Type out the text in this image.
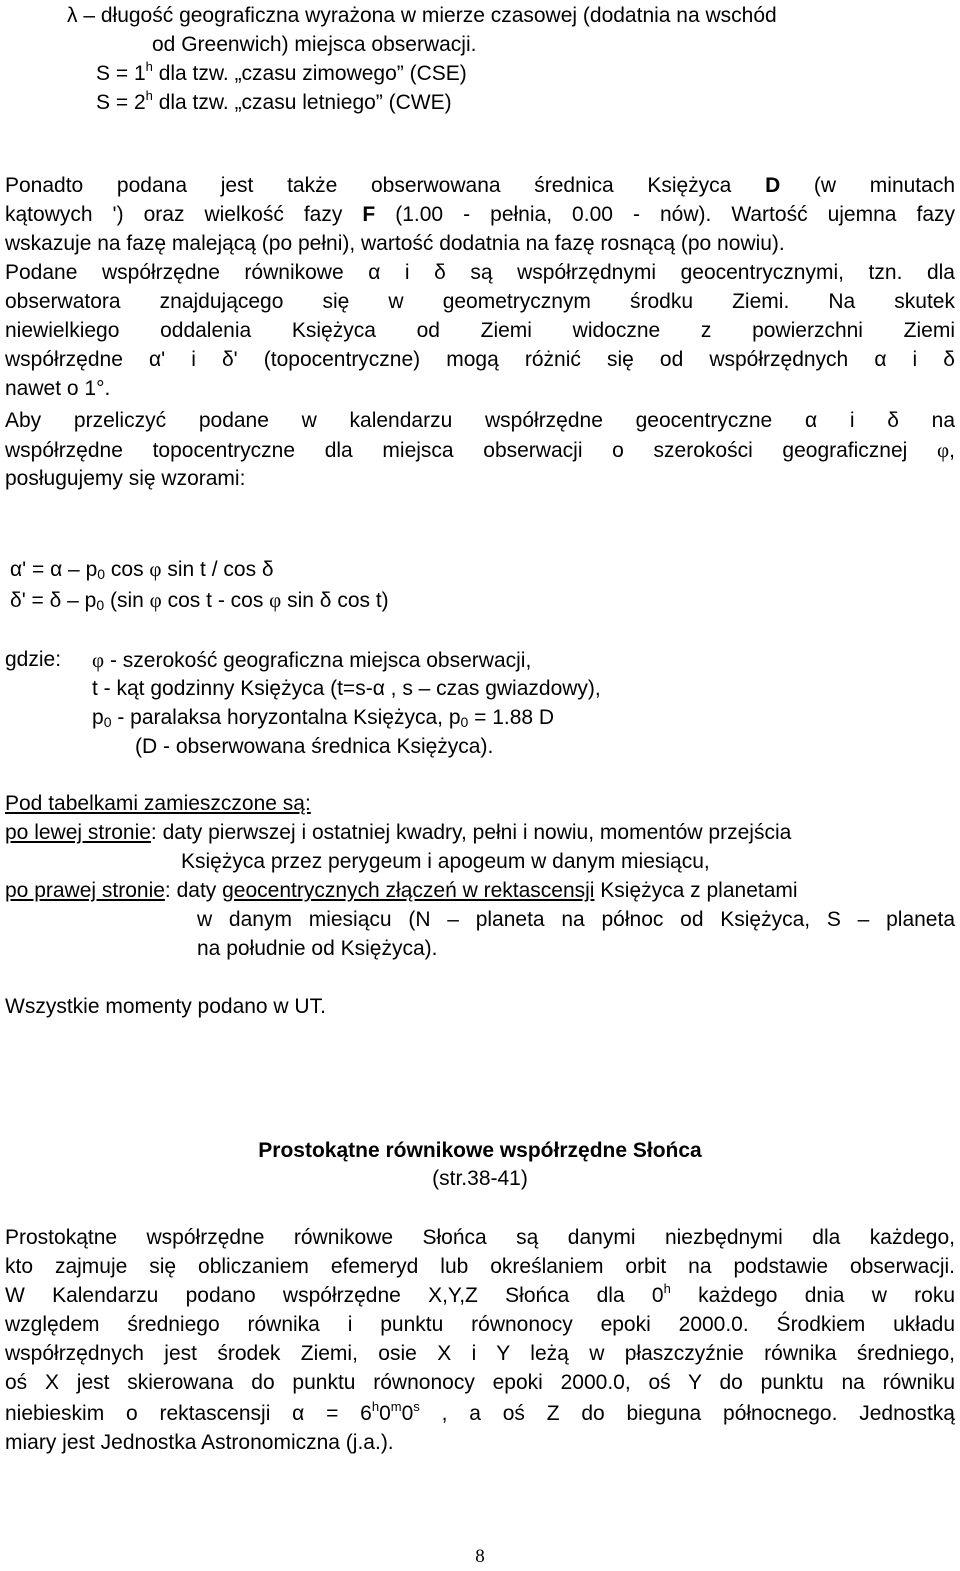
λ – długość geograficzna wyrażona w mierze czasowej (dodatnia na wschód
od Greenwich) miejsca obserwacji.
$S = 1^h$ dla tzw. „czasu zimowego” (CSE)
$S = 2^h$ dla tzw. „czasu letniego” (CWE)
Ponadto podana jest także obserwowana średnica Księżyca D (w minutach
kątowych ') oraz wielkość fazy F (1.00 - pełnia, 0.00 - nów). Wartość ujemna fazy
wskazuje na fazę malejącą (po pełni), wartość dodatnia na fazę rosnącą (po nowiu).
Podane współrzędne równikowe α i δ są współrzędnymi geocentrycznymi, tzn. dla
obserwatora znajdującego się w geometrycznym środku Ziemi. Na skutek
niewielkiego oddalenia Księżyca od Ziemi widoczne z powierzchni Ziemi
współrzędne α' i δ' (topocentryczne) mogą różnić się od współrzędnych α i δ
nawet o 1°.
Aby przeliczyć podane w kalendarzu współrzędne geocentryczne α i δ na
współrzędne topocentryczne dla miejsca obserwacji o szerokości geograficznej φ,
posługujemy się wzorami:
$\alpha' = \alpha - p_0$ cos φ sin t / cos δ
$\delta' = \delta - p_0$ (sin φ cos t - cos φ sin δ cos t)
gdzie: φ - szerokość geograficzna miejsca obserwacji,
t - kąt godzinny Księżyca (t=s-α , s – czas gwiazdowy),
$p_0$ - paralaksa horyzontalna Księżyca, $p_0 = 1.88$ D
(D - obserwowana średnica Księżyca).
Pod tabelkami zamieszczone są:
po lewej stronie: daty pierwszej i ostatniej kwadry, pełni i nowiu, momentów przejścia
Księżyca przez perygeum i apogeum w danym miesiącu,
po prawej stronie: daty geocentrycznych złączeń w rektascensji Księżyca z planetami
w danym miesiącu (N – planeta na północ od Księżyca, S – planeta
na południe od Księżyca).
Wszystkie momenty podano w UT.
Prostokątne równikowe współrzędne Słońca
(str.38-41)
Prostokątne współrzędne równikowe Słońca są danymi niezbędnymi dla każdego,
kto zajmuje się obliczaniem efemeryd lub określaniem orbit na podstawie obserwacji.
W Kalendarzu podano współrzędne X,Y,Z Słońca dla 0$^h$ każdego dnia w roku
względem średniego równika i punktu równonocy epoki 2000.0. Środkiem układu
współrzędnych jest środek Ziemi, osie X i Y leżą w płaszczyźnie równika średniego,
oś X jest skierowana do punktu równonocy epoki 2000.0, oś Y do punktu na równiku
niebieskim o rektascensji $\alpha = 6^h0^m0^s$ , a oś Z do bieguna północnego. Jednostką
miary jest Jednostka Astronomiczna (j.a.).
8
